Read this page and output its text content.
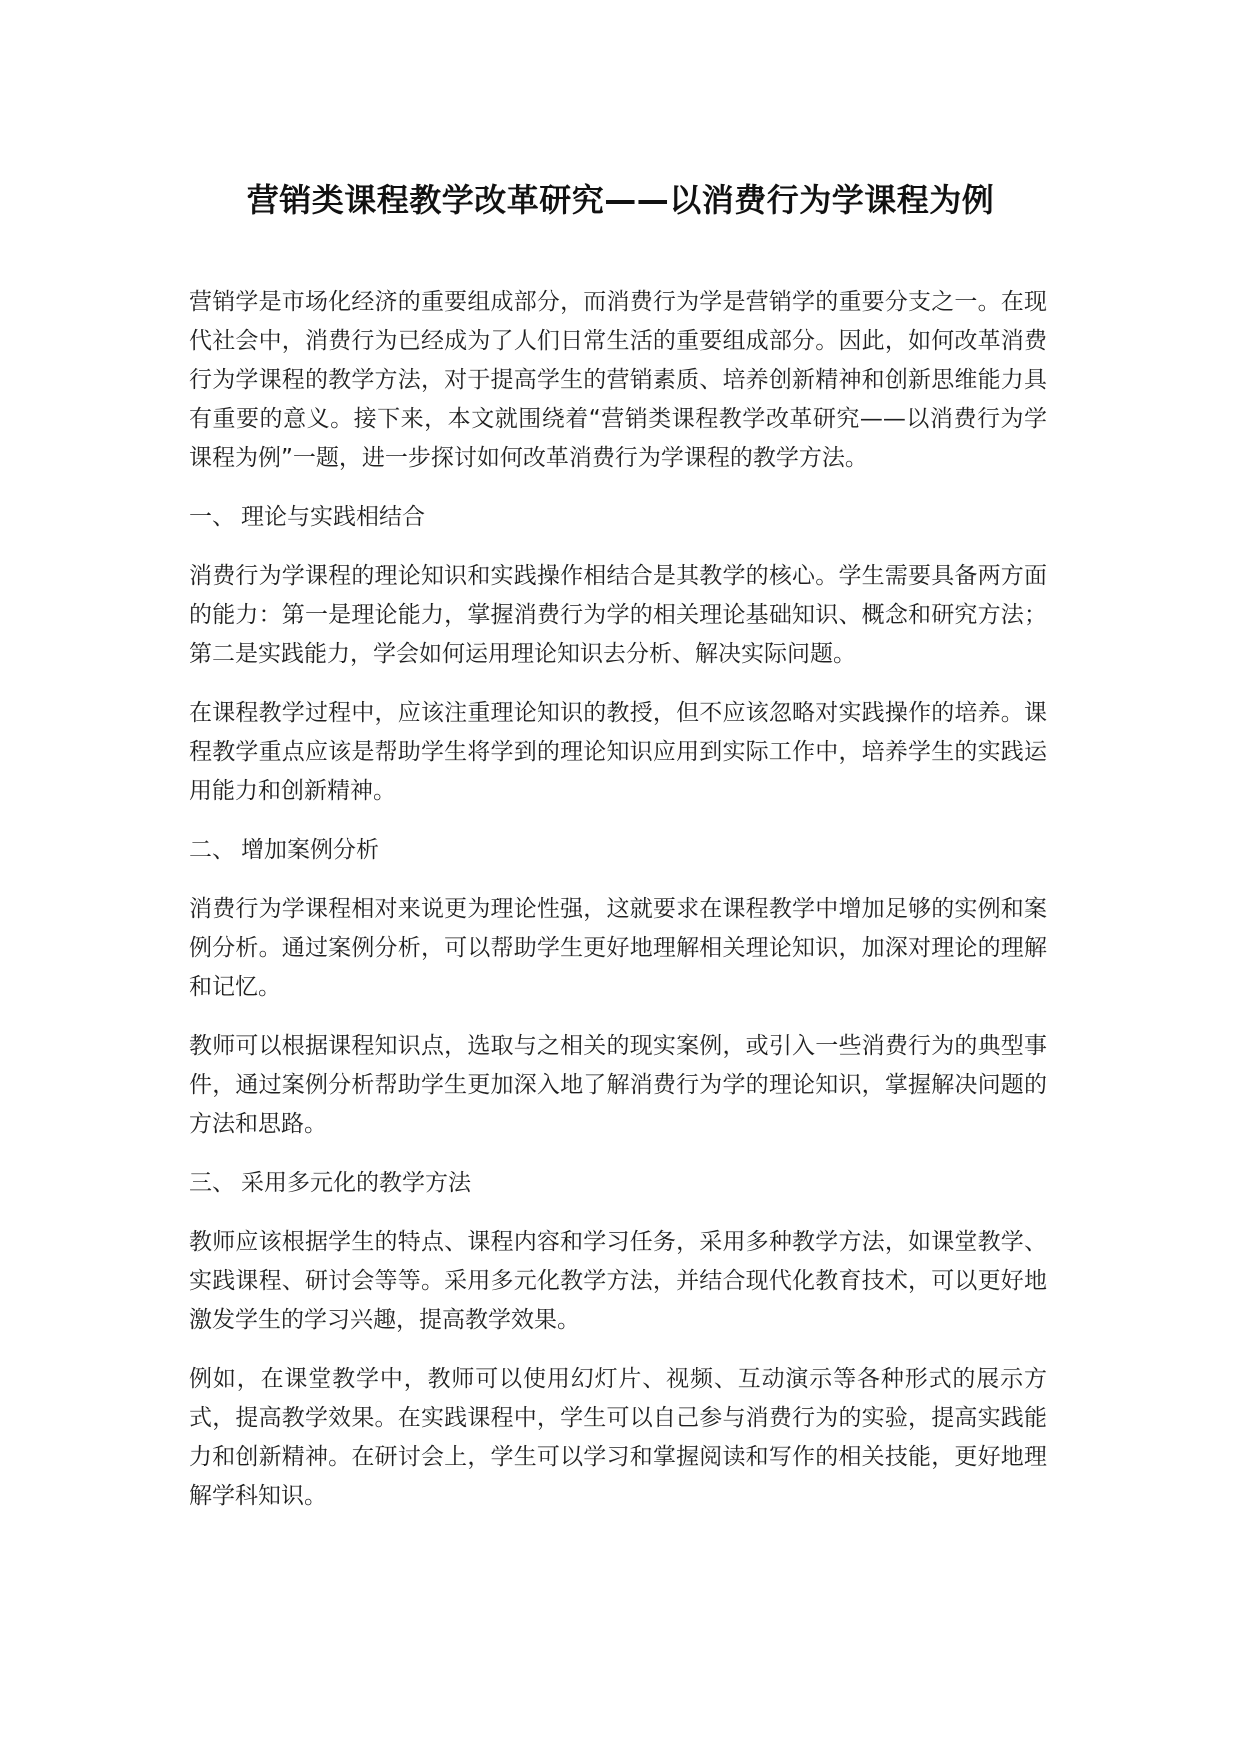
营销类课程教学改革研究——以消费行为学课程为例

营销学是市场化经济的重要组成部分，而消费行为学是营销学的重要分支之一。在现代社会中，消费行为已经成为了人们日常生活的重要组成部分。因此，如何改革消费行为学课程的教学方法，对于提高学生的营销素质、培养创新精神和创新思维能力具有重要的意义。接下来，本文就围绕着“营销类课程教学改革研究——以消费行为学课程为例”一题，进一步探讨如何改革消费行为学课程的教学方法。

一、 理论与实践相结合

消费行为学课程的理论知识和实践操作相结合是其教学的核心。学生需要具备两方面的能力：第一是理论能力，掌握消费行为学的相关理论基础知识、概念和研究方法；第二是实践能力，学会如何运用理论知识去分析、解决实际问题。

在课程教学过程中，应该注重理论知识的教授，但不应该忽略对实践操作的培养。课程教学重点应该是帮助学生将学到的理论知识应用到实际工作中，培养学生的实践运用能力和创新精神。

二、 增加案例分析

消费行为学课程相对来说更为理论性强，这就要求在课程教学中增加足够的实例和案例分析。通过案例分析，可以帮助学生更好地理解相关理论知识，加深对理论的理解和记忆。

教师可以根据课程知识点，选取与之相关的现实案例，或引入一些消费行为的典型事件，通过案例分析帮助学生更加深入地了解消费行为学的理论知识，掌握解决问题的方法和思路。

三、 采用多元化的教学方法

教师应该根据学生的特点、课程内容和学习任务，采用多种教学方法，如课堂教学、实践课程、研讨会等等。采用多元化教学方法，并结合现代化教育技术，可以更好地激发学生的学习兴趣，提高教学效果。

例如，在课堂教学中，教师可以使用幻灯片、视频、互动演示等各种形式的展示方式，提高教学效果。在实践课程中，学生可以自己参与消费行为的实验，提高实践能力和创新精神。在研讨会上，学生可以学习和掌握阅读和写作的相关技能，更好地理解学科知识。
